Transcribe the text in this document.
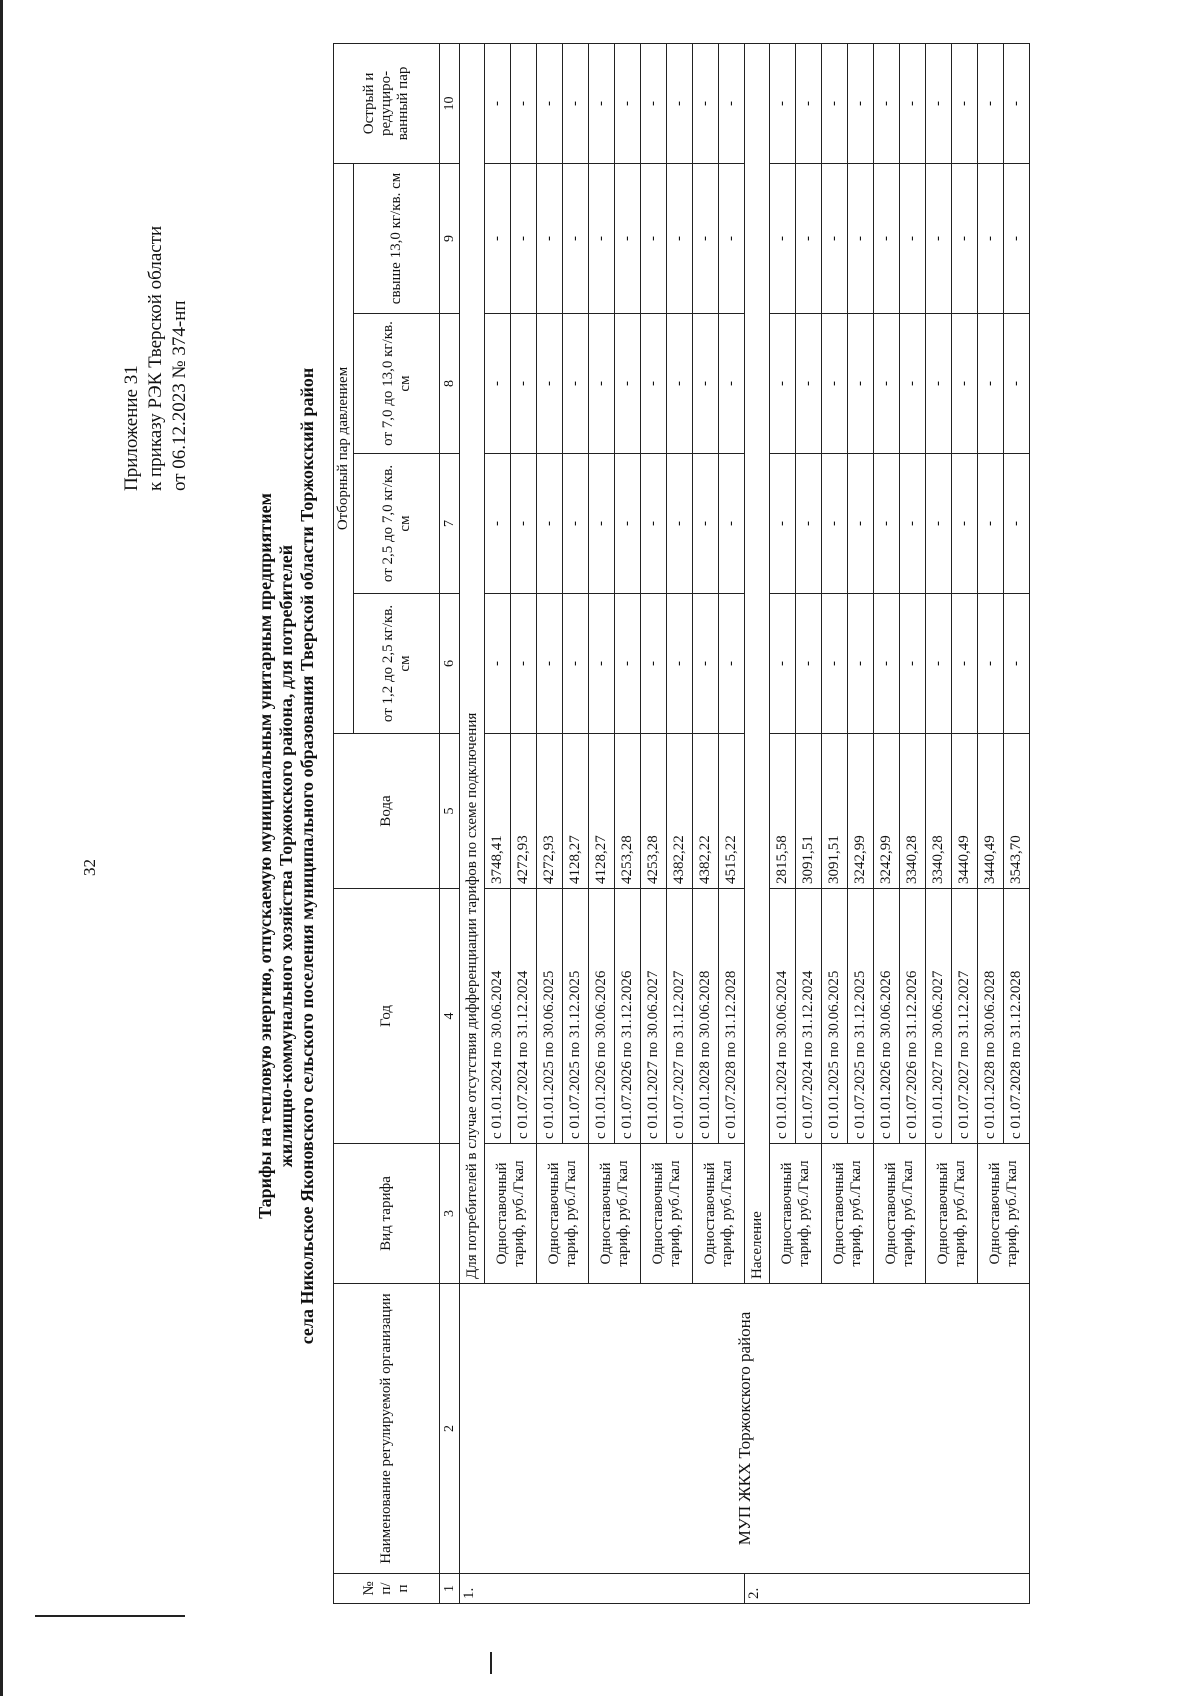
32
Приложение 31 к приказу РЭК Тверской области от 06.12.2023 № 374-нп
Тарифы на тепловую энергию, отпускаемую муниципальным унитарным предприятием жилищно-коммунального хозяйства Торжокского района, для потребителей села Никольское Яконовского сельского поселения муниципального образования Тверской области Торжокский район
№ п/ п	Наименование регулируемой организации	Вид тарифа	Год	Вода	Отборный пар давлением				Острый и редуциро-ванный пар
					от 1,2 до 2,5 кг/кв. см	от 2,5 до 7,0 кг/кв. см	от 7,0 до 13,0 кг/кв. см	свыше 13,0 кг/кв. см	
1	2	3	4	5	6	7	8	9	10
1.	МУП ЖКХ Торжокского района	Для потребителей в случае отсутствия дифференциации тарифов по схеме подключения							
		Одноставочный тариф, руб./Гкал	с 01.01.2024 по 30.06.2024	3748,41	-	-	-	-	-
			с 01.07.2024 по 31.12.2024	4272,93	-	-	-	-	-
		Одноставочный тариф, руб./Гкал	с 01.01.2025 по 30.06.2025	4272,93	-	-	-	-	-
			с 01.07.2025 по 31.12.2025	4128,27	-	-	-	-	-
		Одноставочный тариф, руб./Гкал	с 01.01.2026 по 30.06.2026	4128,27	-	-	-	-	-
			с 01.07.2026 по 31.12.2026	4253,28	-	-	-	-	-
		Одноставочный тариф, руб./Гкал	с 01.01.2027 по 30.06.2027	4253,28	-	-	-	-	-
			с 01.07.2027 по 31.12.2027	4382,22	-	-	-	-	-
		Одноставочный тариф, руб./Гкал	с 01.01.2028 по 30.06.2028	4382,22	-	-	-	-	-
			с 01.07.2028 по 31.12.2028	4515,22	-	-	-	-	-
2.		Население							
		Одноставочный тариф, руб./Гкал	с 01.01.2024 по 30.06.2024	2815,58	-	-	-	-	-
			с 01.07.2024 по 31.12.2024	3091,51	-	-	-	-	-
		Одноставочный тариф, руб./Гкал	с 01.01.2025 по 30.06.2025	3091,51	-	-	-	-	-
			с 01.07.2025 по 31.12.2025	3242,99	-	-	-	-	-
		Одноставочный тариф, руб./Гкал	с 01.01.2026 по 30.06.2026	3242,99	-	-	-	-	-
			с 01.07.2026 по 31.12.2026	3340,28	-	-	-	-	-
		Одноставочный тариф, руб./Гкал	с 01.01.2027 по 30.06.2027	3340,28	-	-	-	-	-
			с 01.07.2027 по 31.12.2027	3440,49	-	-	-	-	-
		Одноставочный тариф, руб./Гкал	с 01.01.2028 по 30.06.2028	3440,49	-	-	-	-	-
			с 01.07.2028 по 31.12.2028	3543,70	-	-	-	-	-
